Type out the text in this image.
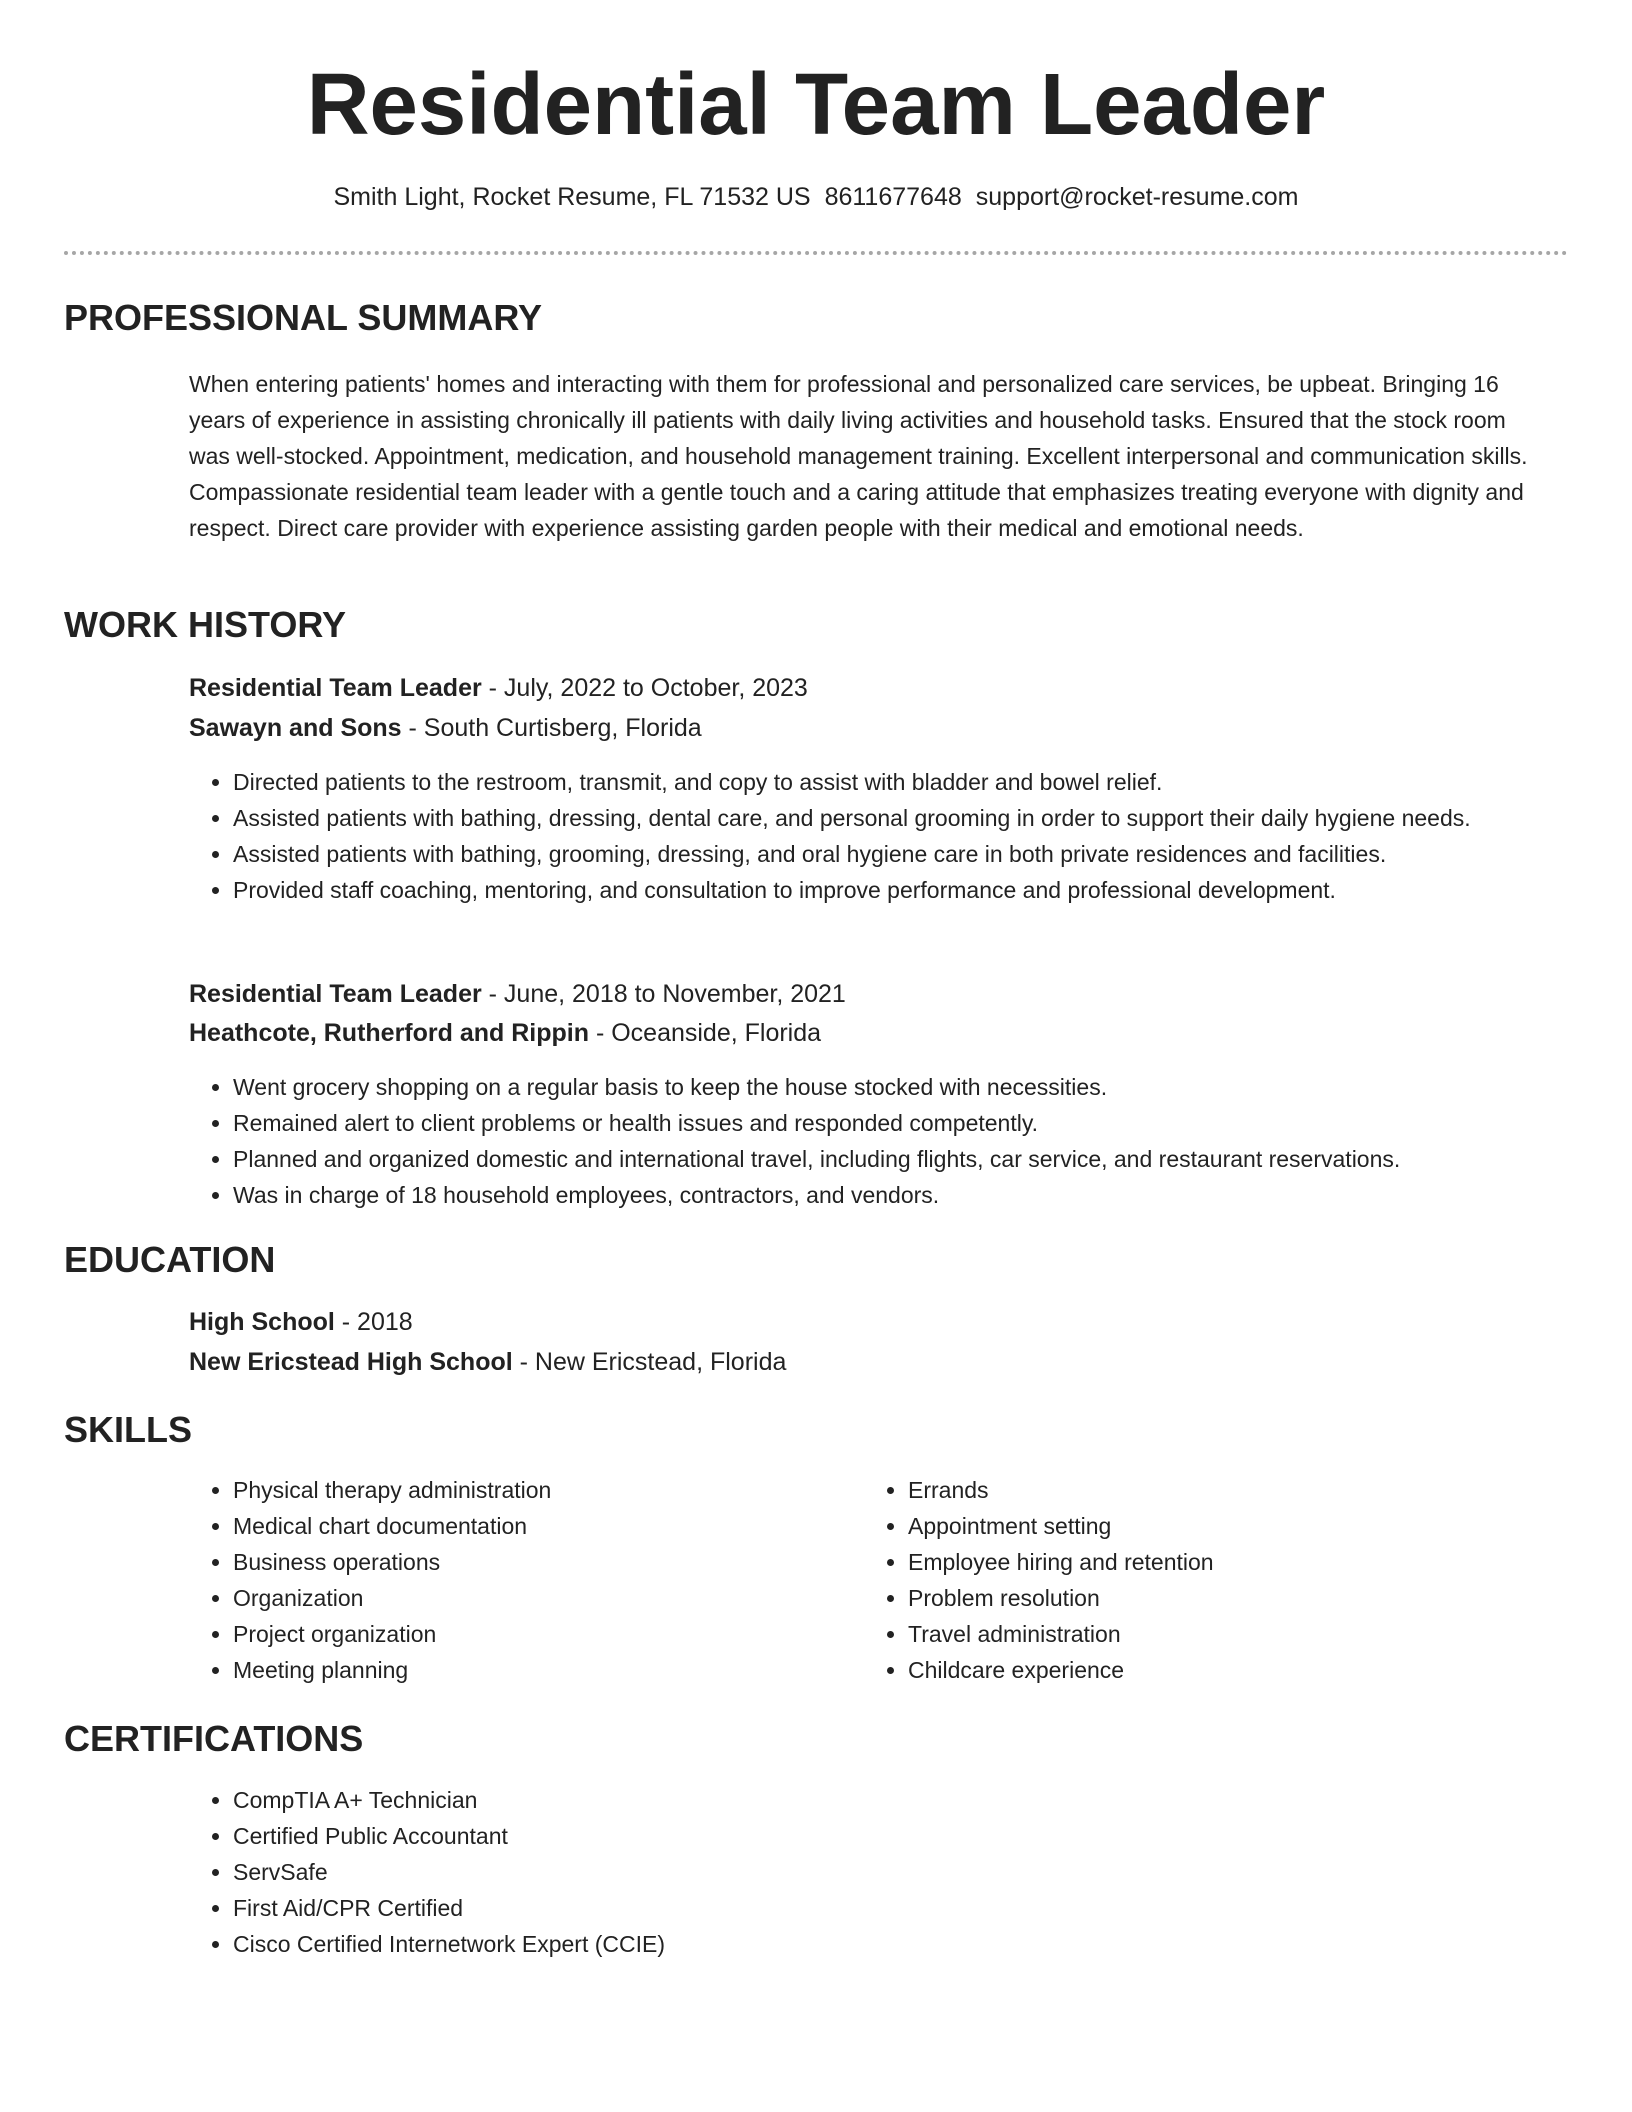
Residential Team Leader
Smith Light, Rocket Resume, FL 71532 US 8611677648 support@rocket-resume.com
PROFESSIONAL SUMMARY
When entering patients' homes and interacting with them for professional and personalized care services, be upbeat. Bringing 16 years of experience in assisting chronically ill patients with daily living activities and household tasks. Ensured that the stock room was well-stocked. Appointment, medication, and household management training. Excellent interpersonal and communication skills. Compassionate residential team leader with a gentle touch and a caring attitude that emphasizes treating everyone with dignity and respect. Direct care provider with experience assisting garden people with their medical and emotional needs.
WORK HISTORY
Residential Team Leader - July, 2022 to October, 2023
Sawayn and Sons - South Curtisberg, Florida
• Directed patients to the restroom, transmit, and copy to assist with bladder and bowel relief.
• Assisted patients with bathing, dressing, dental care, and personal grooming in order to support their daily hygiene needs.
• Assisted patients with bathing, grooming, dressing, and oral hygiene care in both private residences and facilities.
• Provided staff coaching, mentoring, and consultation to improve performance and professional development.
Residential Team Leader - June, 2018 to November, 2021
Heathcote, Rutherford and Rippin - Oceanside, Florida
• Went grocery shopping on a regular basis to keep the house stocked with necessities.
• Remained alert to client problems or health issues and responded competently.
• Planned and organized domestic and international travel, including flights, car service, and restaurant reservations.
• Was in charge of 18 household employees, contractors, and vendors.
EDUCATION
High School - 2018
New Ericstead High School - New Ericstead, Florida
SKILLS
• Physical therapy administration
• Medical chart documentation
• Business operations
• Organization
• Project organization
• Meeting planning
• Errands
• Appointment setting
• Employee hiring and retention
• Problem resolution
• Travel administration
• Childcare experience
CERTIFICATIONS
• CompTIA A+ Technician
• Certified Public Accountant
• ServSafe
• First Aid/CPR Certified
• Cisco Certified Internetwork Expert (CCIE)
